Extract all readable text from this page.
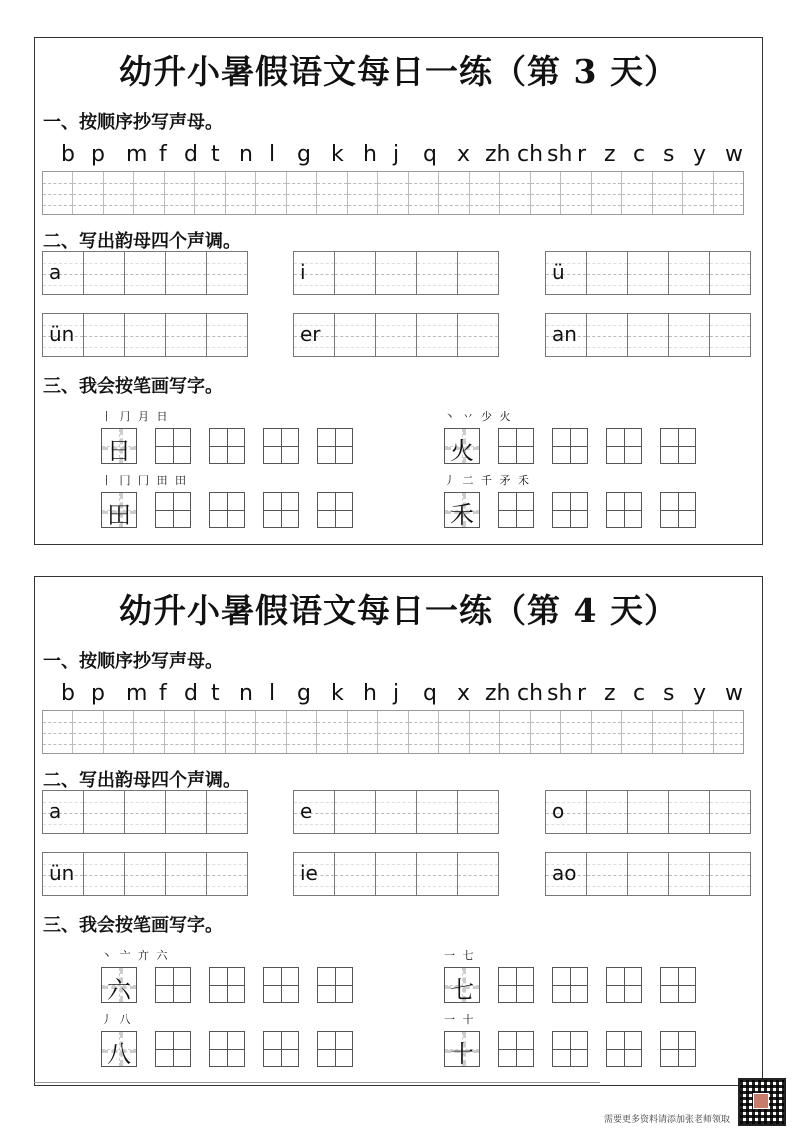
幼升小暑假语文每日一练（第 3 天）
一、按顺序抄写声母。
b p m f d t n l g k h j q x zh ch sh r z c s y w
二、写出韵母四个声调。
a	i	ü
ün	er	an
三、我会按笔画写字。
丨 ⺆ 月 日
日
丶 丷 少 火
火
丨 ⼌ 冂 田 田
田
丿 二 千 矛 禾
禾
幼升小暑假语文每日一练（第 4 天）
一、按顺序抄写声母。
b p m f d t n l g k h j q x zh ch sh r z c s y w
二、写出韵母四个声调。
a	e	o
ün	ie	ao
三、我会按笔画写字。
丶 亠 亣 六
六
一 七
七
丿 八
八
一 十
十
需要更多资料请添加张老师领取
